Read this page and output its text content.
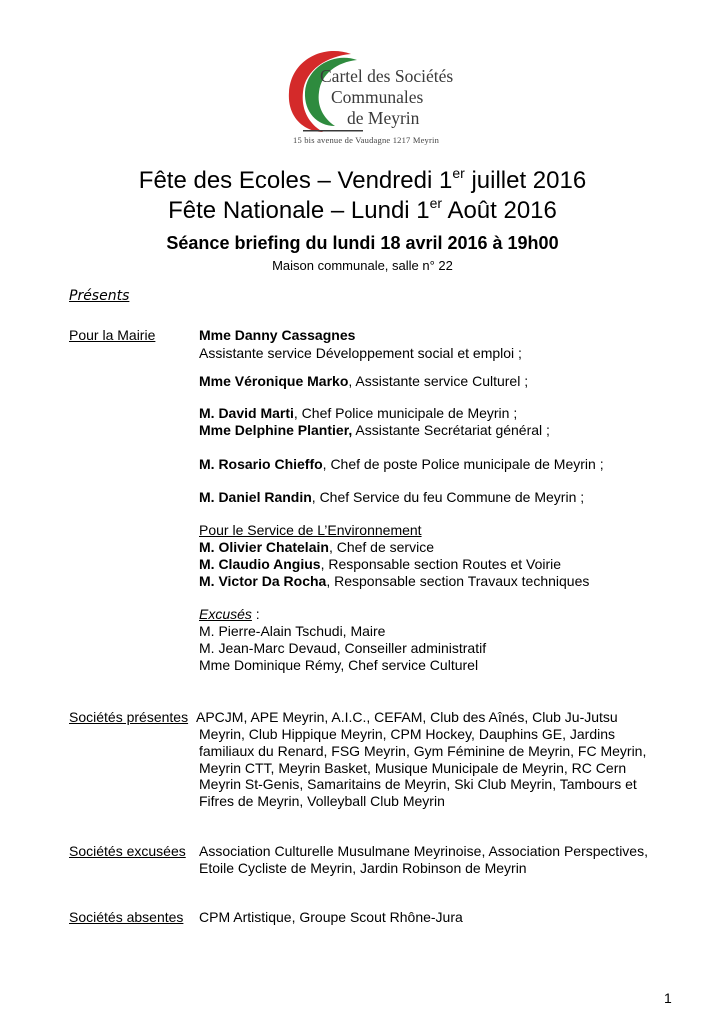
Cartel des Sociétés
Communales
de Meyrin
15 bis avenue de Vaudagne 1217 Meyrin
Fête des Ecoles – Vendredi 1er juillet 2016
Fête Nationale – Lundi 1er Août 2016
Séance briefing du lundi 18 avril 2016 à 19h00
Maison communale, salle n° 22
Présents
Pour la Mairie	Mme Danny Cassagnes
Assistante service Développement social et emploi ;
Mme Véronique Marko, Assistante service Culturel ;
M. David Marti, Chef Police municipale de Meyrin ;
Mme Delphine Plantier, Assistante Secrétariat général ;
M. Rosario Chieffo, Chef de poste Police municipale de Meyrin ;
M. Daniel Randin, Chef Service du feu Commune de Meyrin ;
Pour le Service de L’Environnement
M. Olivier Chatelain, Chef de service
M. Claudio Angius, Responsable section Routes et Voirie
M. Victor Da Rocha, Responsable section Travaux techniques
Excusés :
M. Pierre-Alain Tschudi, Maire
M. Jean-Marc Devaud, Conseiller administratif
Mme Dominique Rémy, Chef service Culturel
Sociétés présentes APCJM, APE Meyrin, A.I.C., CEFAM, Club des Aînés, Club Ju-Jutsu
Meyrin, Club Hippique Meyrin, CPM Hockey, Dauphins GE, Jardins
familiaux du Renard, FSG Meyrin, Gym Féminine de Meyrin, FC Meyrin,
Meyrin CTT, Meyrin Basket, Musique Municipale de Meyrin, RC Cern
Meyrin St-Genis, Samaritains de Meyrin, Ski Club Meyrin, Tambours et
Fifres de Meyrin, Volleyball Club Meyrin
Sociétés excusées Association Culturelle Musulmane Meyrinoise, Association Perspectives,
Etoile Cycliste de Meyrin, Jardin Robinson de Meyrin
Sociétés absentes CPM Artistique, Groupe Scout Rhône-Jura
1
